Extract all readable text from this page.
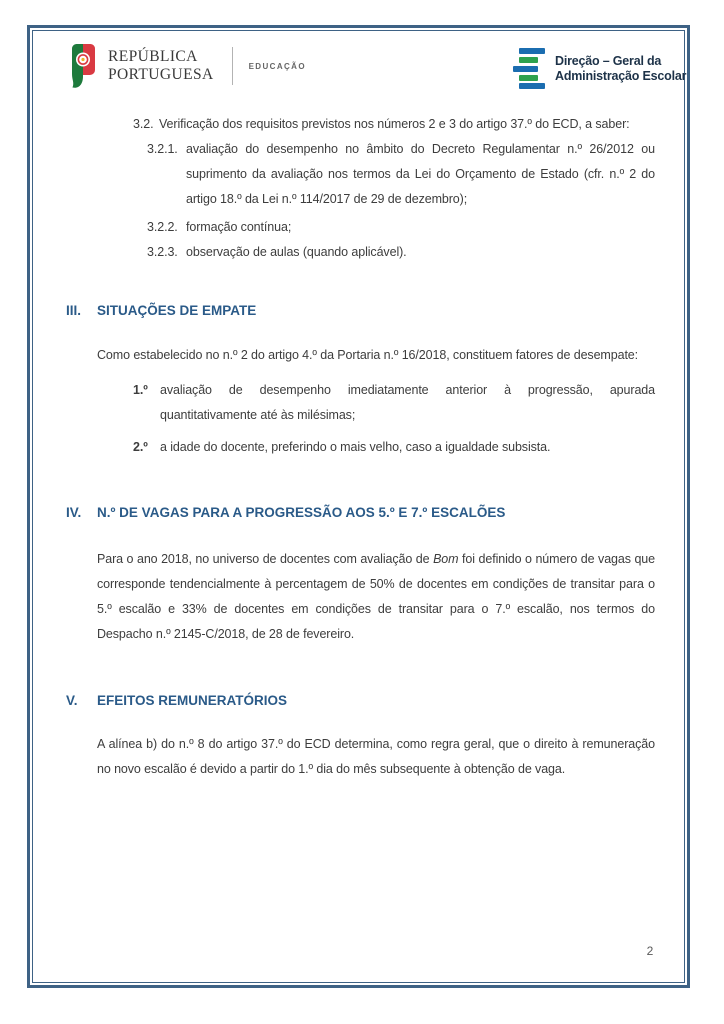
REPÚBLICA
PORTUGUESA	EDUCAÇÃO	Direção – Geral da
Administração Escolar
3.2. Verificação dos requisitos previstos nos números 2 e 3 do artigo 37.º do ECD, a saber:
3.2.1. avaliação do desempenho no âmbito do Decreto Regulamentar n.º 26/2012 ou suprimento da avaliação nos termos da Lei do Orçamento de Estado (cfr. n.º 2 do artigo 18.º da Lei n.º 114/2017 de 29 de dezembro);
3.2.2. formação contínua;
3.2.3. observação de aulas (quando aplicável).
III.	SITUAÇÕES DE EMPATE
Como estabelecido no n.º 2 do artigo 4.º da Portaria n.º 16/2018, constituem fatores de desempate:
1.º avaliação de desempenho imediatamente anterior à progressão, apurada quantitativamente até às milésimas;
2.º a idade do docente, preferindo o mais velho, caso a igualdade subsista.
IV.	N.º DE VAGAS PARA A PROGRESSÃO AOS 5.º E 7.º ESCALÕES
Para o ano 2018, no universo de docentes com avaliação de Bom foi definido o número de vagas que corresponde tendencialmente à percentagem de 50% de docentes em condições de transitar para o 5.º escalão e 33% de docentes em condições de transitar para o 7.º escalão, nos termos do Despacho n.º 2145-C/2018, de 28 de fevereiro.
V.	EFEITOS REMUNERATÓRIOS
A alínea b) do n.º 8 do artigo 37.º do ECD determina, como regra geral, que o direito à remuneração no novo escalão é devido a partir do 1.º dia do mês subsequente à obtenção de vaga.
2
